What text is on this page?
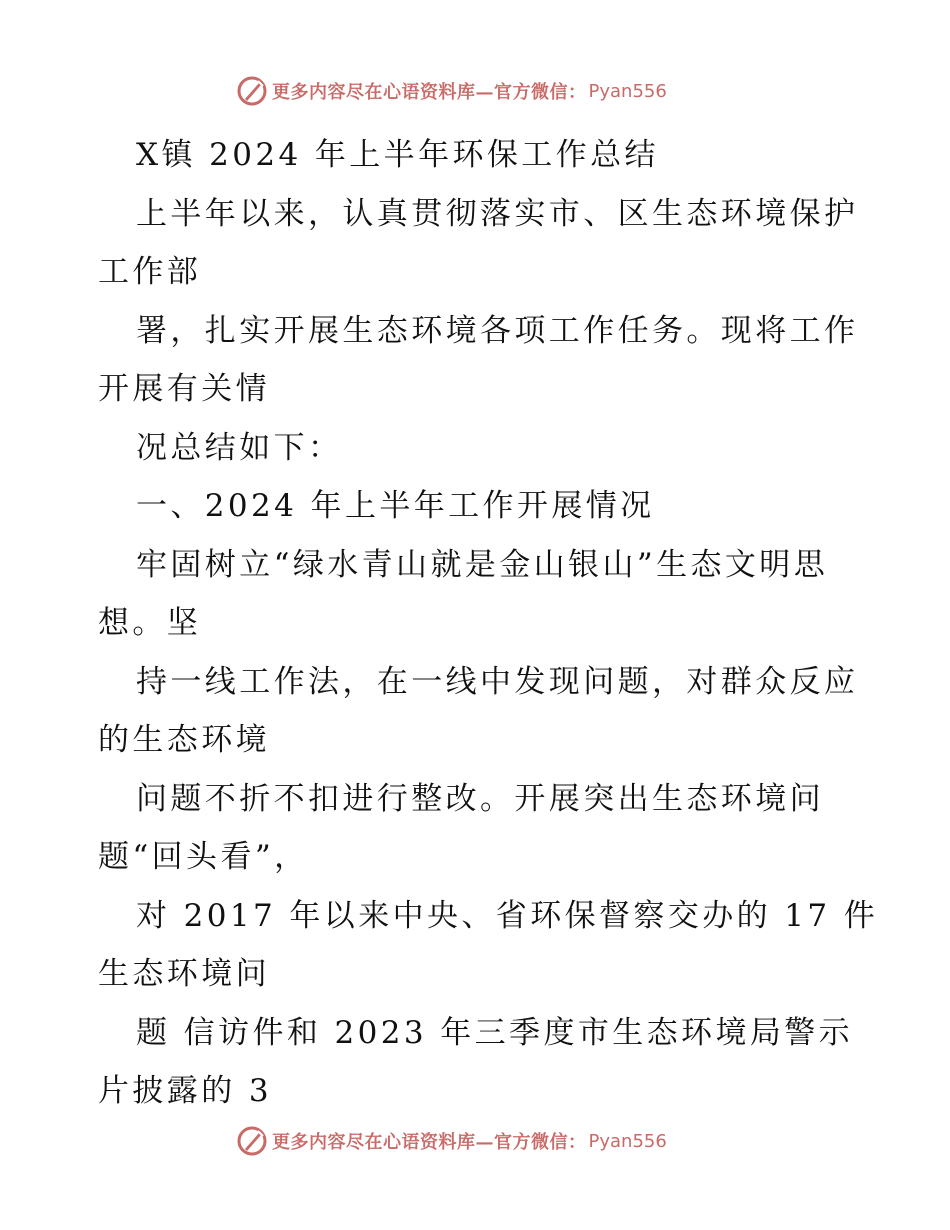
更多内容尽在心语资料库—官方微信： Pyan556
X镇 2024 年上半年环保工作总结
上半年以来，认真贯彻落实市、区生态环境保护
工作部
署，扎实开展生态环境各项工作任务。现将工作
开展有关情
况总结如下：
一、2024 年上半年工作开展情况
牢固树立“绿水青山就是金山银山”生态文明思
想。坚
持一线工作法，在一线中发现问题，对群众反应
的生态环境
问题不折不扣进行整改。开展突出生态环境问
题“回头看”，
对 2017 年以来中央、省环保督察交办的 17 件
生态环境问
题 信访件和 2023 年三季度市生态环境局警示
片披露的 3
更多内容尽在心语资料库—官方微信： Pyan556
